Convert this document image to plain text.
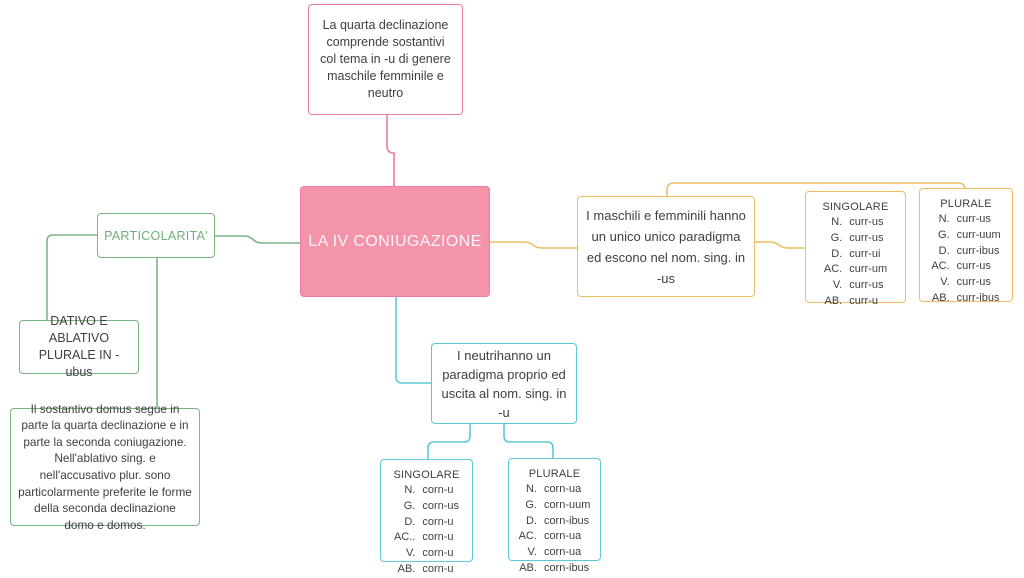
La quarta declinazione comprende sostantivi col tema in -u di genere maschile femminile e neutro
LA IV CONIUGAZIONE
PARTICOLARITA'
DATIVO E ABLATIVO PLURALE IN -ubus
Il sostantivo domus segue in parte la quarta declinazione e in parte la seconda coniugazione. Nell'ablativo sing. e nell'accusativo plur. sono particolarmente preferite le forme della seconda declinazione domo e domos.
I maschili e femminili hanno un unico unico paradigma ed escono nel nom. sing. in -us
I neutrihanno un paradigma proprio ed uscita al nom. sing. in -u
SINGOLARE
N. curr-us
G. curr-us
D. curr-ui
AC. curr-um
V. curr-us
AB. curr-u
PLURALE
N. curr-us
G. curr-uum
D. curr-ibus
AC. curr-us
V. curr-us
AB. curr-ibus
SINGOLARE
N. corn-u
G. corn-us
D. corn-u
AC.. corn-u
V. corn-u
AB. corn-u
PLURALE
N. corn-ua
G. corn-uum
D. corn-ibus
AC. corn-ua
V. corn-ua
AB. corn-ibus
